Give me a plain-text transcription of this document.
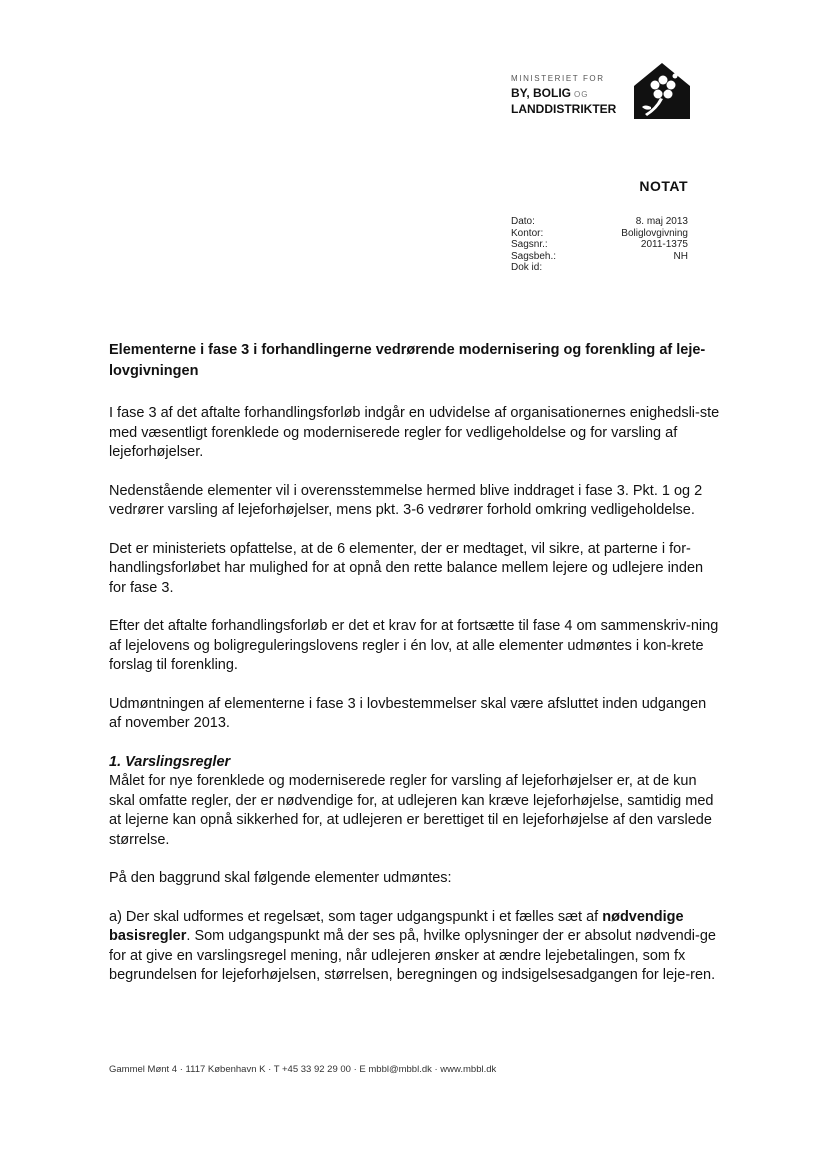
MINISTERIET FOR
BY, BOLIG OG
LANDDISTRIKTER
NOTAT
Dato:	8. maj 2013
Kontor:	Boliglovgivning
Sagsnr.:	2011-1375
Sagsbeh.:	NH
Dok id:
Elementerne i fase 3 i forhandlingerne vedrørende modernisering og forenkling af leje-lovgivningen

I fase 3 af det aftalte forhandlingsforløb indgår en udvidelse af organisationernes enighedsli-ste med væsentligt forenklede og moderniserede regler for vedligeholdelse og for varsling af lejeforhøjelser.

Nedenstående elementer vil i overensstemmelse hermed blive inddraget i fase 3. Pkt. 1 og 2 vedrører varsling af lejeforhøjelser, mens pkt. 3-6 vedrører forhold omkring vedligeholdelse.

Det er ministeriets opfattelse, at de 6 elementer, der er medtaget, vil sikre, at parterne i for-handlingsforløbet har mulighed for at opnå den rette balance mellem lejere og udlejere inden for fase 3.

Efter det aftalte forhandlingsforløb er det et krav for at fortsætte til fase 4 om sammenskriv-ning af lejelovens og boligreguleringslovens regler i én lov, at alle elementer udmøntes i kon-krete forslag til forenkling.

Udmøntningen af elementerne i fase 3 i lovbestemmelser skal være afsluttet inden udgangen af november 2013.

1. Varslingsregler

Målet for nye forenklede og moderniserede regler for varsling af lejeforhøjelser er, at de kun skal omfatte regler, der er nødvendige for, at udlejeren kan kræve lejeforhøjelse, samtidig med at lejerne kan opnå sikkerhed for, at udlejeren er berettiget til en lejeforhøjelse af den varslede størrelse.

På den baggrund skal følgende elementer udmøntes:

a) Der skal udformes et regelsæt, som tager udgangspunkt i et fælles sæt af nødvendige basisregler. Som udgangspunkt må der ses på, hvilke oplysninger der er absolut nødvendi-ge for at give en varslingsregel mening, når udlejeren ønsker at ændre lejebetalingen, som fx begrundelsen for lejeforhøjelsen, størrelsen, beregningen og indsigelsesadgangen for leje-ren.

Gammel Mønt 4 · 1117 København K · T +45 33 92 29 00 · E mbbl@mbbl.dk · www.mbbl.dk
